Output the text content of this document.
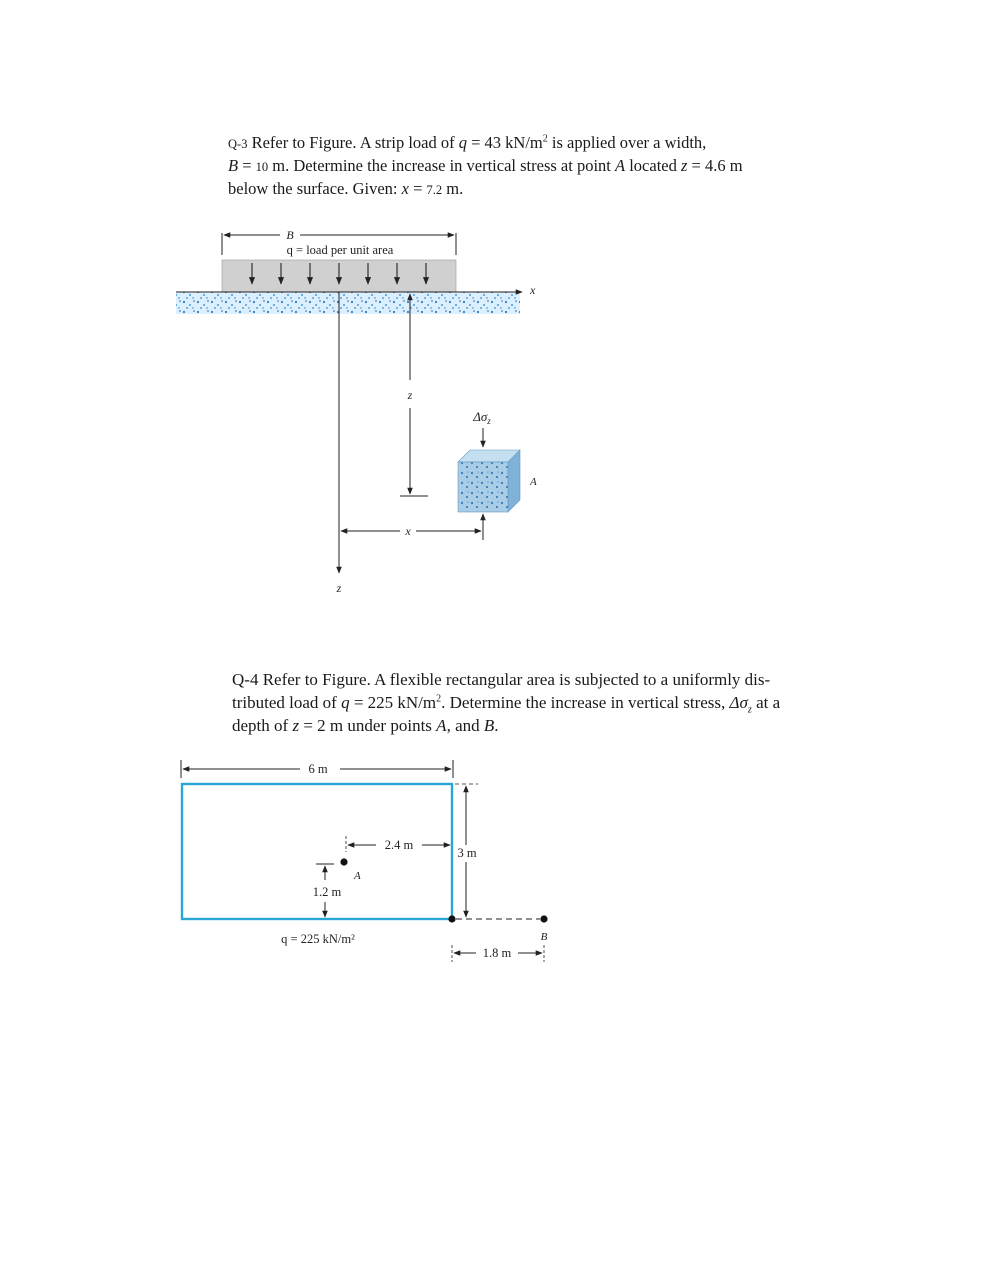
Q-3 Refer to Figure. A strip load of q = 43 $kN/m^2$ is applied over a width,
B = 10 m. Determine the increase in vertical stress at point A located z = 4.6 m
below the surface. Given: x = 7.2 m.
B
q = load per unit area
x
z
z
$\Delta\sigma_z$
A
x
Q-4 Refer to Figure. A flexible rectangular area is subjected to a uniformly dis-
tributed load of q = 225 $kN/m^2$. Determine the increase in vertical stress, $\Delta\sigma_z$ at a
depth of z = 2 m under points A, and B.
6 m
3 m
2.4 m
A
1.2 m
q = 225 kN/m²	B
1.8 m
